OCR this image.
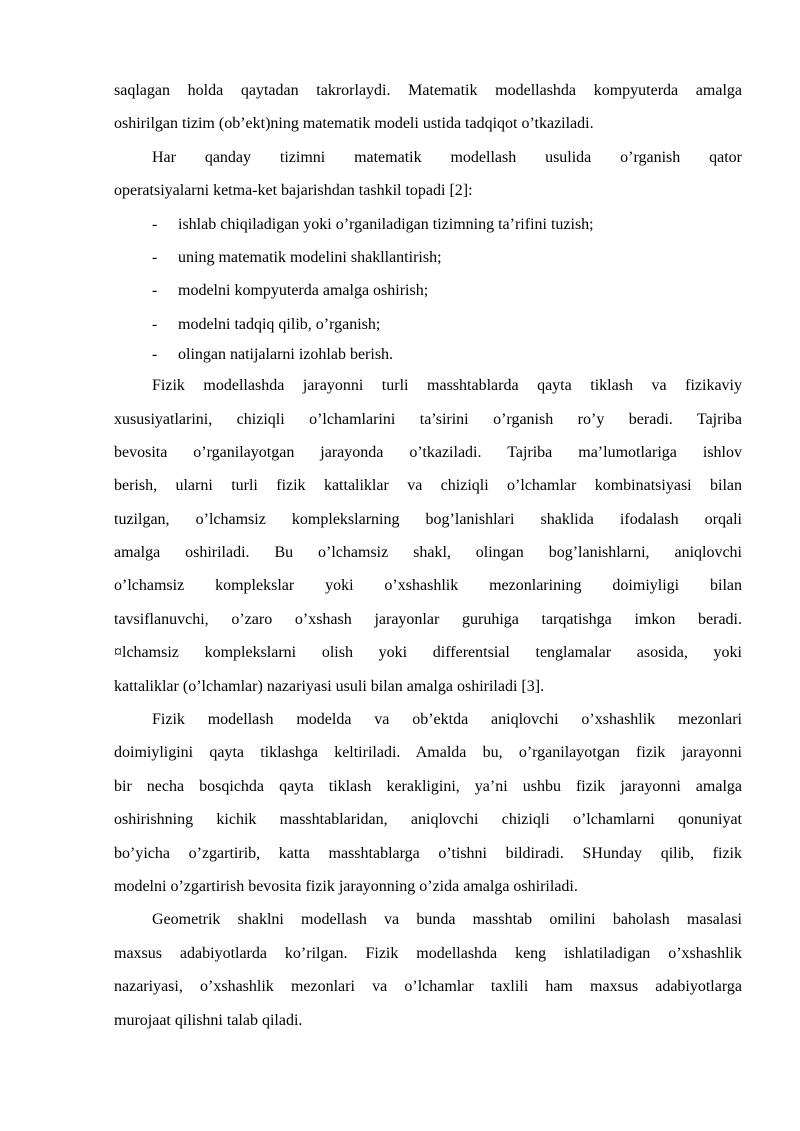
saqlagan holda qaytadan takrorlaydi. Matematik modellashda kompyuterda amalga
oshirilgan tizim (ob’ekt)ning matematik modeli ustida tadqiqot o’tkaziladi.
Har qanday tizimni matematik modellash usulida o’rganish qator
operatsiyalarni ketma-ket bajarishdan tashkil topadi [2]:
-	ishlab chiqiladigan yoki o’rganiladigan tizimning ta’rifini tuzish;
-	uning matematik modelini shakllantirish;
-	modelni kompyuterda amalga oshirish;
-	modelni tadqiq qilib, o’rganish;
-	olingan natijalarni izohlab berish.
Fizik modellashda jarayonni turli masshtablarda qayta tiklash va fizikaviy
xususiyatlarini, chiziqli o’lchamlarini ta’sirini o’rganish ro’y beradi. Tajriba
bevosita o’rganilayotgan jarayonda o’tkaziladi. Tajriba ma’lumotlariga ishlov
berish, ularni turli fizik kattaliklar va chiziqli o’lchamlar kombinatsiyasi bilan
tuzilgan, o’lchamsiz komplekslarning bog’lanishlari shaklida ifodalash orqali
amalga oshiriladi. Bu o’lchamsiz shakl, olingan bog’lanishlarni, aniqlovchi
o’lchamsiz komplekslar yoki o’xshashlik mezonlarining doimiyligi bilan
tavsiflanuvchi, o’zaro o’xshash jarayonlar guruhiga tarqatishga imkon beradi.
¤lchamsiz komplekslarni olish yoki differentsial tenglamalar asosida, yoki
kattaliklar (o’lchamlar) nazariyasi usuli bilan amalga oshiriladi [3].
Fizik modellash modelda va ob’ektda aniqlovchi o’xshashlik mezonlari
doimiyligini qayta tiklashga keltiriladi. Amalda bu, o’rganilayotgan fizik jarayonni
bir necha bosqichda qayta tiklash kerakligini, ya’ni ushbu fizik jarayonni amalga
oshirishning kichik masshtablaridan, aniqlovchi chiziqli o’lchamlarni qonuniyat
bo’yicha o’zgartirib, katta masshtablarga o’tishni bildiradi. SHunday qilib, fizik
modelni o’zgartirish bevosita fizik jarayonning o’zida amalga oshiriladi.
Geometrik shaklni modellash va bunda masshtab omilini baholash masalasi
maxsus adabiyotlarda ko’rilgan. Fizik modellashda keng ishlatiladigan o’xshashlik
nazariyasi, o’xshashlik mezonlari va o’lchamlar taxlili ham maxsus adabiyotlarga
murojaat qilishni talab qiladi.
